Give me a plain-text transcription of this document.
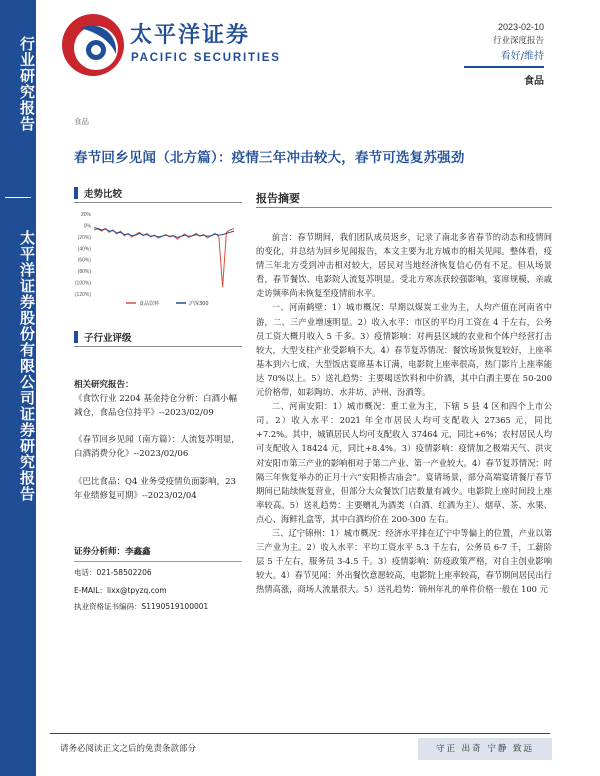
行业研究报告
太平洋证券股份有限公司证券研究报告
太平洋证券
PACIFIC SECURITIES
2023-02-10
行业深度报告
看好/维持
食品
食品
春节回乡见闻（北方篇）：疫情三年冲击较大，春节可选复苏强劲
走势比较
20%
0%
(20%)
(40%)
(60%)
(80%)
(100%)
(120%)
食品饮料	沪深300
子行业评级
相关研究报告：
《食饮行业 2204 基金持仓分析：白酒小幅减仓，食品仓位持平》--2023/02/09
《春节回乡见闻（南方篇）：人流复苏明显，白酒消费分化》--2023/02/06
《巴比食品：Q4 业务受疫情负面影响，23 年业绩修复可期》--2023/02/04
证券分析师：李鑫鑫
电话：021-58502206
E-MAIL：lixx@tpyzq.com
执业资格证书编码：S1190519100001
报告摘要

前言：春节期间，我们团队成员返乡，记录了南北多省春节的动态和疫情间的变化，并总结为回乡见闻报告，本文主要为北方城市的相关见闻。整体看，疫情三年北方受到冲击相对较大，居民对当地经济恢复信心仍有不足。但从场景看，春节餐饮、电影院人流复苏明显。受北方寒冻获较强影响，宴席规模、亲戚走访频率尚未恢复至疫情前水平。

一、河南鹤壁：1）城市概况：早期以煤炭工业为主，人均产值在河南省中游，二、三产业增速明显。2）收入水平：市区的平均月工资在 4 千左右，公务员工资大概月收入 5 千多。3）疫情影响：对两县区域的农业和个体户经营打击较大，大型支柱产业受影响不大。4）春节复苏情况：餐饮场景恢复较好，上座率基本到六七成，大型饭店宴席基本订满，电影院上座率很高，热门影片上座率能达 70%以上。5）送礼趋势：主要喝送饮料和中价酒，其中白酒主要在 50-200 元价格带，如彩陶坊、水井坊、泸州、汾酒等。

二、河南安阳：1）城市概况：重工业为主，下辖 5 县 4 区和四个上市公司。2）收入水平：2021 年全市居民人均可支配收入 27365 元，同比+7.2%。其中，城镇居民人均可支配收入 37464 元，同比+6%；农村居民人均可支配收入 18424 元，同比+8.4%。3）疫情影响：疫情加之极端天气、洪灾对安阳市第三产业的影响相对于第二产业、第一产业较大。4）春节复苏情况：时隔三年恢复举办的正月十六“安阳桥古庙会”。宴请场景，部分高端宴请餐厅春节期间已陆续恢复营业，但部分大众餐饮门店数量有减少。电影院上座时间段上座率较高。5）送礼趋势：主要赠礼为酒类（白酒、红酒为主）、烟草、茶、水果、点心、海鲜礼盒等，其中白酒均价在 200-300 左右。

三、辽宁锦州：1）城市概况：经济水平排在辽宁中等偏上的位置，产业以第三产业为主。2）收入水平：平均工资水平 5.3 千左右，公务员 6-7 千，工薪阶层 5 千左右，服务员 3-4.5 千。3）疫情影响：防疫政策严格，对自主创业影响较大。4）春节见闻：外出餐饮意愿较高，电影院上座率较高，春节期间居民出行热情高涨，商场人流量很大。5）送礼趋势：锦州年礼的单件价格一般在 100 元

请务必阅读正文之后的免责条款部分	守正 出奇 宁静 致远
